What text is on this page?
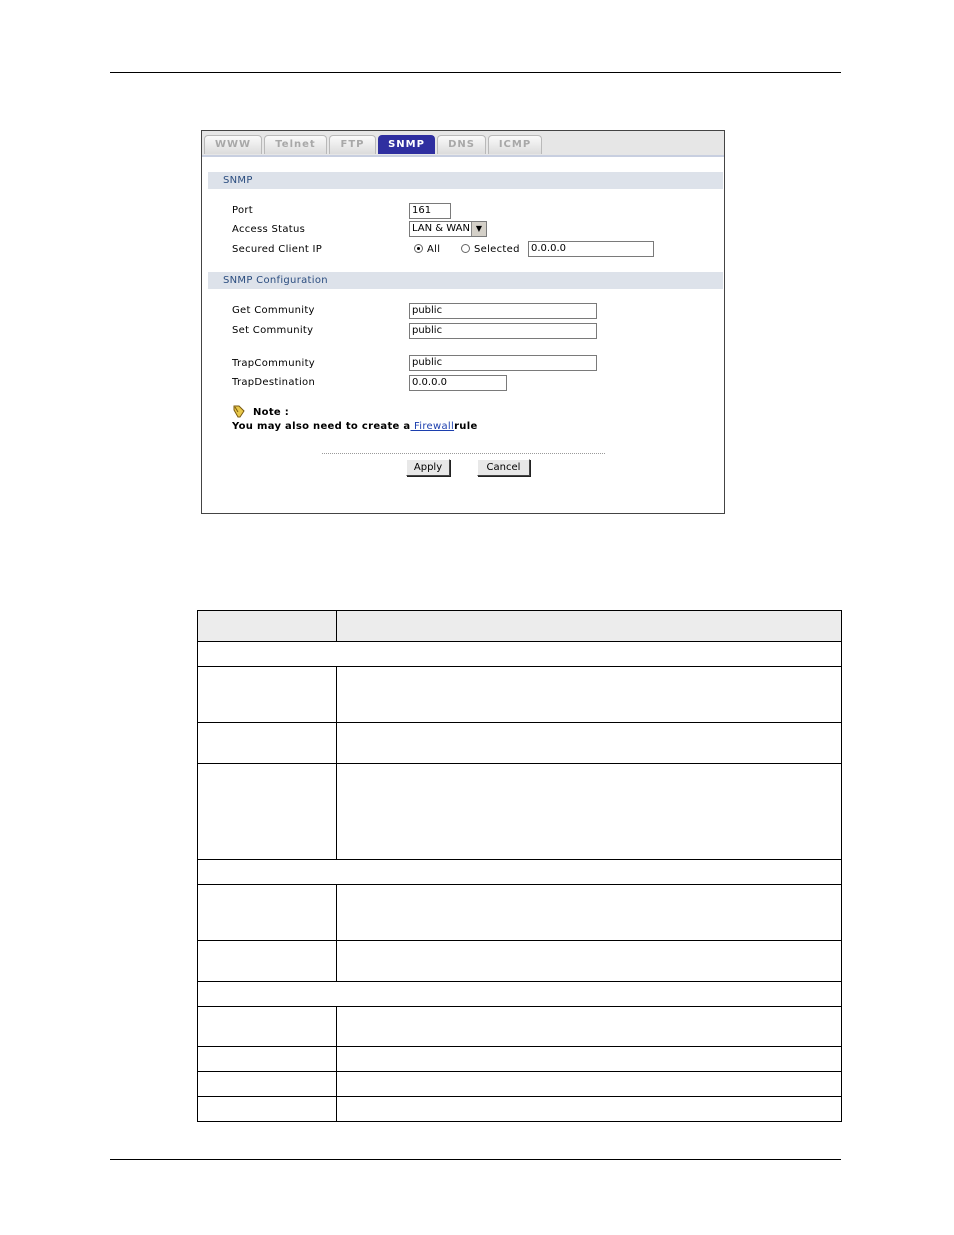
WWW	Telnet	FTP	SNMP	DNS	ICMP
SNMP
Port	161
Access Status	LAN & WAN ▼
Secured Client IP	All	Selected	0.0.0.0
SNMP Configuration
Get Community	public
Set Community	public
TrapCommunity	public
TrapDestination	0.0.0.0
Note :
You may also need to create a Firewallrule
Apply	Cancel
